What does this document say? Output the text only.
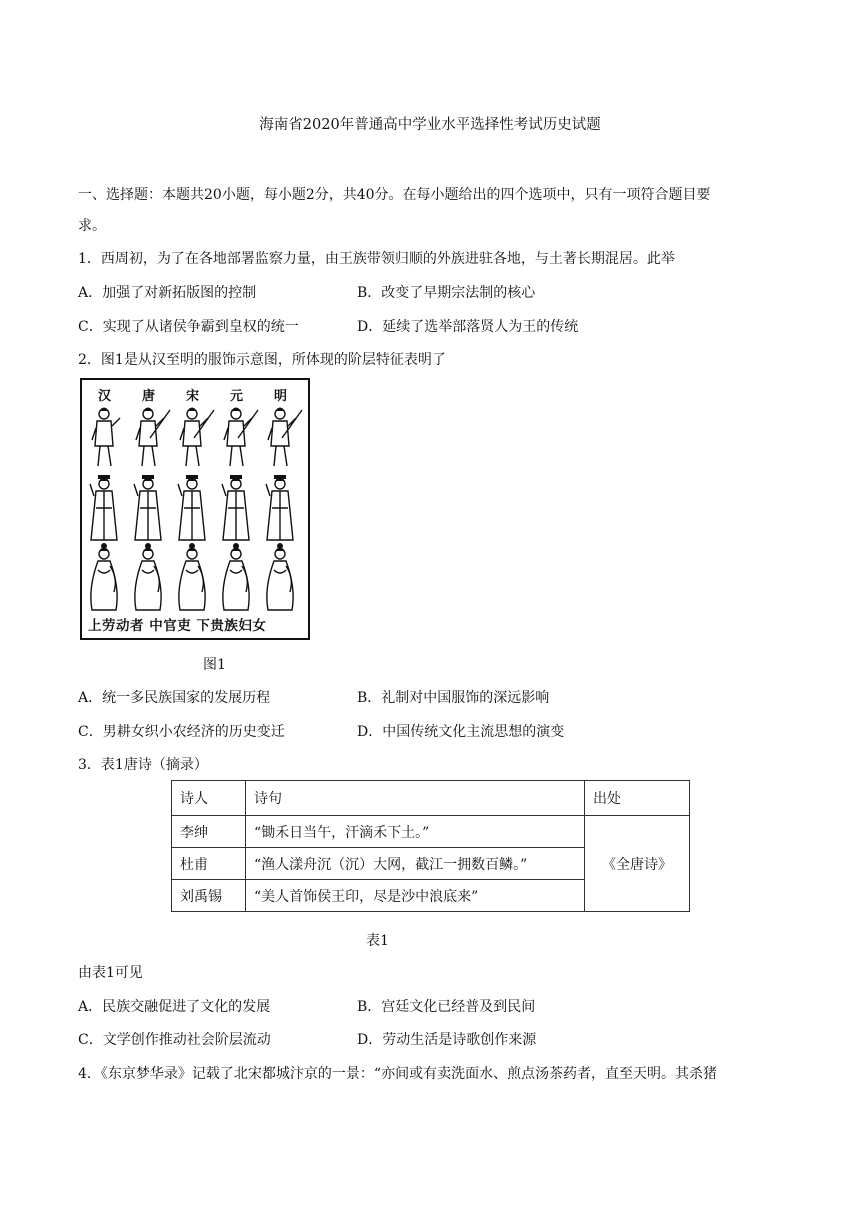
海南省2020年普通高中学业水平选择性考试历史试题
一、选择题：本题共20小题，每小题2分，共40分。在每小题给出的四个选项中，只有一项符合题目要
求。
1．西周初，为了在各地部署监察力量，由王族带领归顺的外族进驻各地，与土著长期混居。此举
A．加强了对新拓版图的控制	B．改变了早期宗法制的核心
C．实现了从诸侯争霸到皇权的统一	D．延续了选举部落贤人为王的传统
2．图1是从汉至明的服饰示意图，所体现的阶层特征表明了
汉 唐 宋 元 明
上劳动者 中官吏 下贵族妇女
图1
A．统一多民族国家的发展历程	B．礼制对中国服饰的深远影响
C．男耕女织小农经济的历史变迁	D．中国传统文化主流思想的演变
3．表1唐诗（摘录）
诗人	诗句	出处
李绅	“锄禾日当午，汗滴禾下土。”	《全唐诗》
杜甫	“渔人漾舟沉（沉）大网，截江一拥数百鳞。”	
刘禹锡	“美人首饰侯王印，尽是沙中浪底来”	
表1
由表1可见
A．民族交融促进了文化的发展	B．宫廷文化已经普及到民间
C．文学创作推动社会阶层流动	D．劳动生活是诗歌创作来源
4．《东京梦华录》记载了北宋都城汴京的一景：“亦间或有卖洗面水、煎点汤茶药者，直至天明。其杀猪
